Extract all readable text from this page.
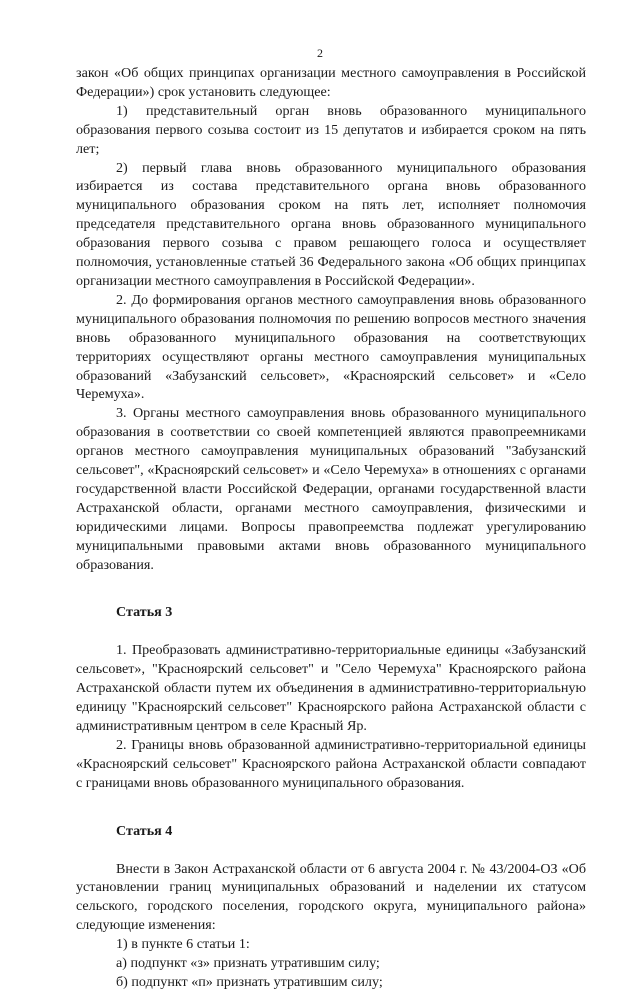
2

закон «Об общих принципах организации местного самоуправления в Российской Федерации») срок установить следующее:

1) представительный орган вновь образованного муниципального образования первого созыва состоит из 15 депутатов и избирается сроком на пять лет;

2) первый глава вновь образованного муниципального образования избирается из состава представительного органа вновь образованного муниципального образования сроком на пять лет, исполняет полномочия председателя представительного органа вновь образованного муниципального образования первого созыва с правом решающего голоса и осуществляет полномочия, установленные статьей 36 Федерального закона «Об общих принципах организации местного самоуправления в Российской Федерации».

2. До формирования органов местного самоуправления вновь образованного муниципального образования полномочия по решению вопросов местного значения вновь образованного муниципального образования на соответствующих территориях осуществляют органы местного самоуправления муниципальных образований «Забузанский сельсовет», «Красноярский сельсовет» и «Село Черемуха».

3. Органы местного самоуправления вновь образованного муниципального образования в соответствии со своей компетенцией являются правопреемниками органов местного самоуправления муниципальных образований "Забузанский сельсовет", «Красноярский сельсовет» и «Село Черемуха» в отношениях с органами государственной власти Российской Федерации, органами государственной власти Астраханской области, органами местного самоуправления, физическими и юридическими лицами. Вопросы правопреемства подлежат урегулированию муниципальными правовыми актами вновь образованного муниципального образования.

Статья 3

1. Преобразовать административно-территориальные единицы «Забузанский сельсовет», "Красноярский сельсовет" и "Село Черемуха" Красноярского района Астраханской области путем их объединения в административно-территориальную единицу "Красноярский сельсовет" Красноярского района Астраханской области с административным центром в селе Красный Яр.

2. Границы вновь образованной административно-территориальной единицы «Красноярский сельсовет" Красноярского района Астраханской области совпадают с границами вновь образованного муниципального образования.

Статья 4

Внести в Закон Астраханской области от 6 августа 2004 г. № 43/2004-ОЗ «Об установлении границ муниципальных образований и наделении их статусом сельского, городского поселения, городского округа, муниципального района» следующие изменения:

1) в пункте 6 статьи 1:

а) подпункт «з» признать утратившим силу;

б) подпункт «п» признать утратившим силу;
